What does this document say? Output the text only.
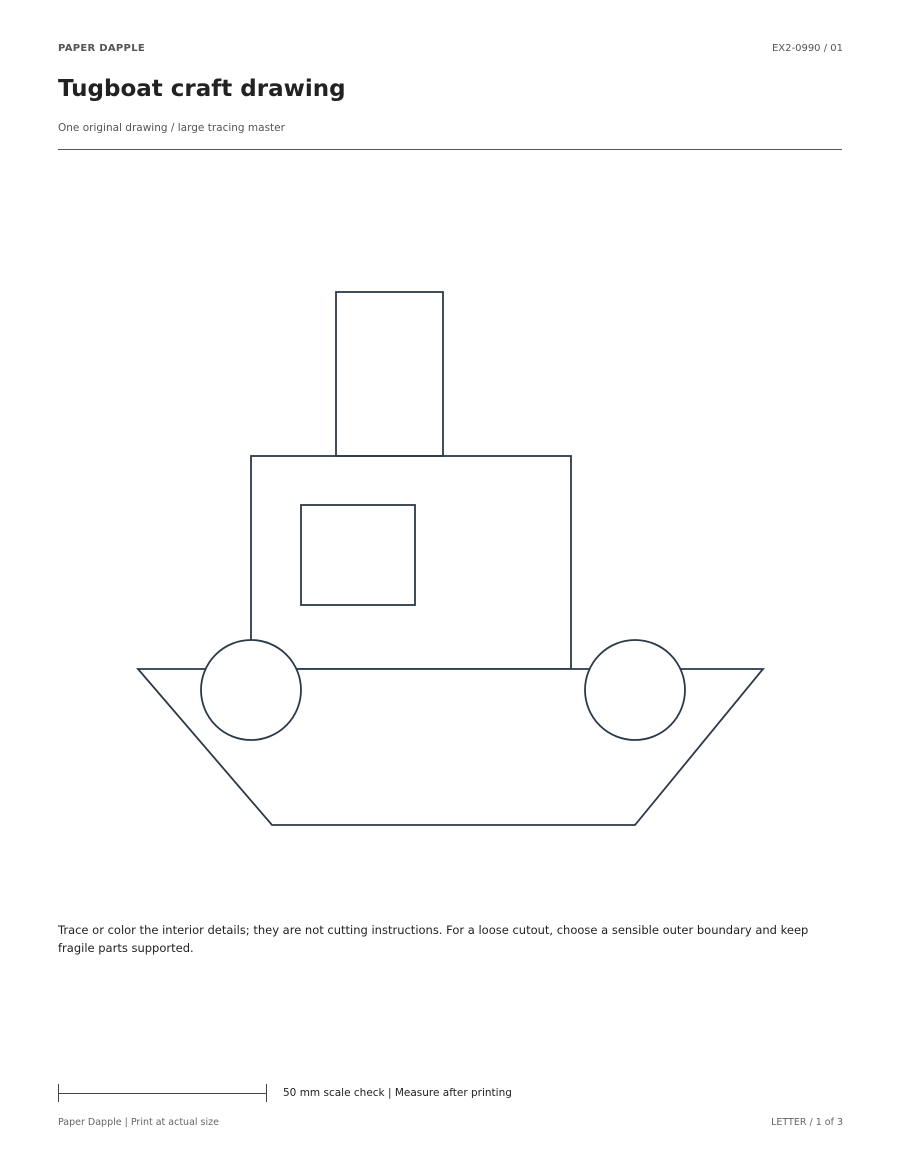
PAPER DAPPLE	EX2-0990 / 01
Tugboat craft drawing
One original drawing / large tracing master
Trace or color the interior details; they are not cutting instructions. For a loose cutout, choose a sensible outer boundary and keep fragile parts supported.
50 mm scale check | Measure after printing
Paper Dapple | Print at actual size	LETTER / 1 of 3
